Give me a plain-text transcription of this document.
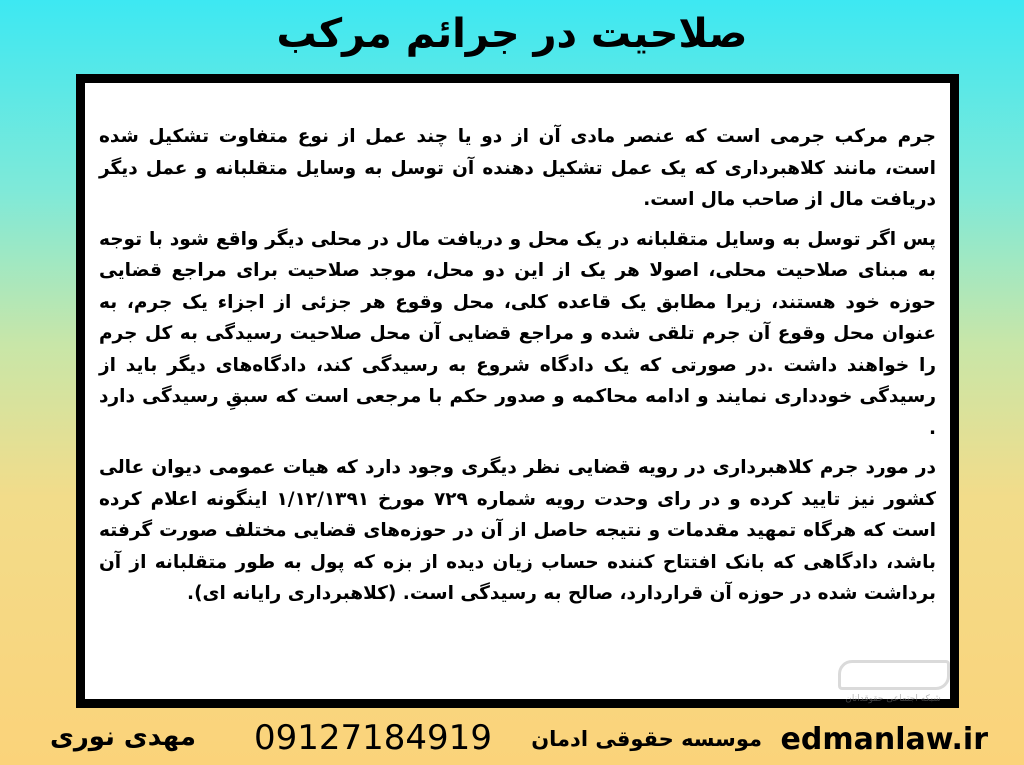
صلاحیت در جرائم مرکب

جرم مرکب جرمی است که عنصر مادی آن از دو یا چند عمل از نوع متفاوت تشکیل شده است، مانند کلاهبرداری که یک عمل تشکیل دهنده آن توسل به وسایل متقلبانه و عمل دیگر دریافت مال از صاحب مال است.

پس اگر توسل به وسایل متقلبانه در یک محل و دریافت مال در محلی دیگر واقع شود با توجه به مبنای صلاحیت محلی، اصولا هر یک از این دو محل، موجد صلاحیت برای مراجع قضایی حوزه خود هستند، زیرا مطابق یک قاعده کلی، محل وقوع هر جزئی از اجزاء یک جرم، به عنوان محل وقوع آن جرم تلقی شده و مراجع قضایی آن محل صلاحیت رسیدگی به کل جرم را خواهند داشت .در صورتی که یک دادگاه شروع به رسیدگی کند، دادگاه‌های دیگر باید از رسیدگی خودداری نمایند و ادامه محاکمه و صدور حکم با مرجعی است که سبقِ رسیدگی دارد .

در مورد جرم کلاهبرداری در رویه قضایی نظر دیگری وجود دارد که هیات عمومی دیوان عالی کشور نیز تایید کرده و در رای وحدت رویه شماره ۷۲۹ مورخ ۱/۱۲/۱۳۹۱ اینگونه اعلام کرده است که هرگاه تمهید مقدمات و نتیجه حاصل از آن در حوزه‌های قضایی مختلف صورت گرفته باشد، دادگاهی که بانک افتتاح کننده حساب زیان دیده از بزه که پول به طور متقلبانه از آن برداشت شده در حوزه آن قراردارد، صالح به رسیدگی است. (کلاهبرداری رایانه ای).

شبکه اجتماعی حقوقدانان
مهدی نوری 09127184919 موسسه حقوقی ادمان edmanlaw.ir
